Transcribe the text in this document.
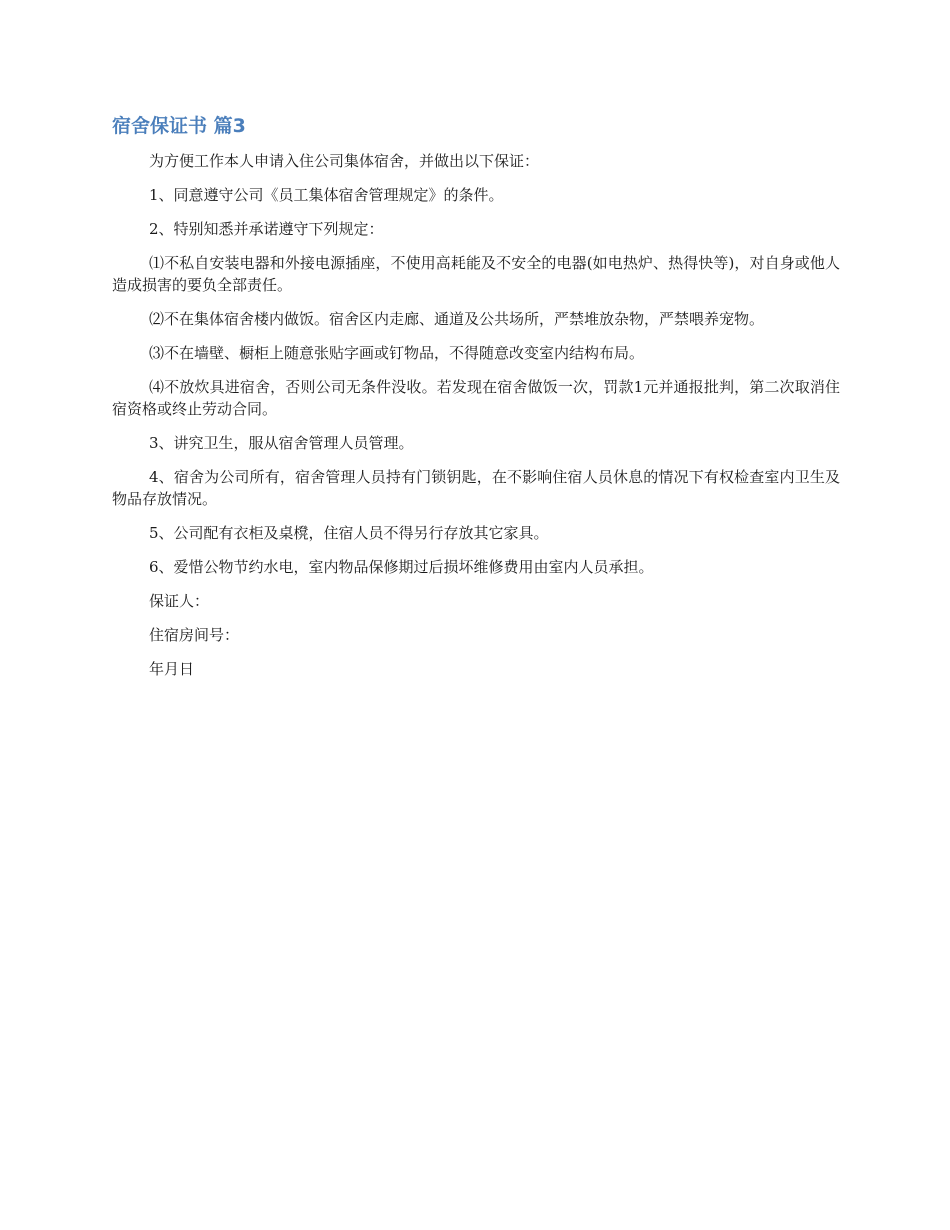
宿舍保证书 篇3

为方便工作本人申请入住公司集体宿舍，并做出以下保证：

1、同意遵守公司《员工集体宿舍管理规定》的条件。

2、特别知悉并承诺遵守下列规定：

⑴不私自安装电器和外接电源插座，不使用高耗能及不安全的电器(如电热炉、热得快等)，对自身或他人造成损害的要负全部责任。

⑵不在集体宿舍楼内做饭。宿舍区内走廊、通道及公共场所，严禁堆放杂物，严禁喂养宠物。

⑶不在墙壁、橱柜上随意张贴字画或钉物品，不得随意改变室内结构布局。

⑷不放炊具进宿舍，否则公司无条件没收。若发现在宿舍做饭一次，罚款1元并通报批判，第二次取消住宿资格或终止劳动合同。

3、讲究卫生，服从宿舍管理人员管理。

4、宿舍为公司所有，宿舍管理人员持有门锁钥匙，在不影响住宿人员休息的情况下有权检查室内卫生及物品存放情况。

5、公司配有衣柜及桌櫈，住宿人员不得另行存放其它家具。

6、爱惜公物节约水电，室内物品保修期过后损坏维修费用由室内人员承担。

保证人：

住宿房间号：

年月日
